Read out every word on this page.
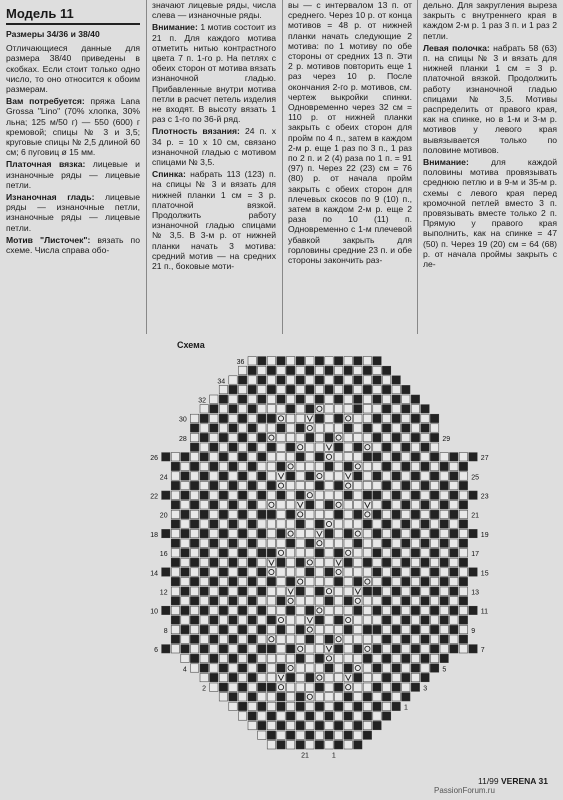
Модель 11

Размеры 34/36 и 38/40

Отличающиеся данные для размера 38/40 приведены в скобках. Если стоит только одно число, то оно относится к обоим размерам.

Вам потребуется: пряжа Lana Grossa "Lino" (70% хлопка, 30% льна; 125 м/50 г) — 550 (600) г кремовой; спицы № 3 и 3,5; круговые спицы № 2,5 длиной 60 см; 6 пуговиц ø 15 мм.

Платочная вязка: лицевые и изнаночные ряды — лицевые петли.

Изнаночная гладь: лицевые ряды — изнаночные петли, изнаночные ряды — лицевые петли.

Мотив "Листочек": вязать по схеме. Числа справа обо-

значают лицевые ряды, числа слева — изнаночные ряды.

Внимание: 1 мотив состоит из 21 п. Для каждого мотива отметить нитью контрастного цвета 7 п. 1-го р. На петлях с обеих сторон от мотива вязать изнаночной гладью. Прибавленные внутри мотива петли в расчет петель изделия не входят. В высоту вязать 1 раз с 1-го по 36-й ряд.

Плотность вязания: 24 п. х 34 р. = 10 х 10 см, связано изнаночной гладью с мотивом спицами № 3,5.

Спинка: набрать 113 (123) п. на спицы № 3 и вязать для нижней планки 1 см = 3 р. платочной вязкой. Продолжить работу изнаночной гладью спицами № 3,5. В 3-м р. от нижней планки начать 3 мотива: средний мотив — на средних 21 п., боковые моти-

вы — с интервалом 13 п. от среднего. Через 10 р. от конца мотивов = 48 р. от нижней планки начать следующие 2 мотива: по 1 мотиву по обе стороны от средних 13 п. Эти 2 р. мотивов повторить еще 1 раз через 10 р. После окончания 2-го р. мотивов, см. чертеж выкройки спинки. Одновременно через 32 см = 110 р. от нижней планки закрыть с обеих сторон для пройм по 4 п., затем в каждом 2-м р. еще 1 раз по 3 п., 1 раз по 2 п. и 2 (4) раза по 1 п. = 91 (97) п. Через 22 (23) см = 76 (80) р. от начала пройм закрыть с обеих сторон для плечевых скосов по 9 (10) п., затем в каждом 2-м р. еще 2 раза по 10 (11) п. Одновременно с 1-м плечевой убавкой закрыть для горловины средние 23 п. и обе стороны закончить раз-

дельно. Для закругления выреза закрыть с внутреннего края в каждом 2-м р. 1 раз 3 п. и 1 раз 2 петли.

Левая полочка: набрать 58 (63) п. на спицы № 3 и вязать для нижней планки 1 см = 3 р. платочной вязкой. Продолжить работу изнаночной гладью спицами № 3,5. Мотивы распределить от правого края, как на спинке, но в 1-м и 3-м р. мотивов у левого края вывязывается только по половине мотивов.

Внимание: для каждой половины мотива провязывать среднюю петлю и в 9-м и 35-м р. схемы с левого края перед кромочной петлей вместо 3 п. провязывать вместе только 2 п. Прямую у правого края выполнить, как на спинке = 47 (50) п. Через 19 (20) см = 64 (68) р. от начала проймы закрыть с ле-

Схема
36
34
32
30
28
26
24
22
20
18
16
14
12
10
8
6
4
2
29
27
25
23
21
19
17
15
13
11
9
7
5
3
1
21	1
11/99 VERENA 31
PassionForum.ru
